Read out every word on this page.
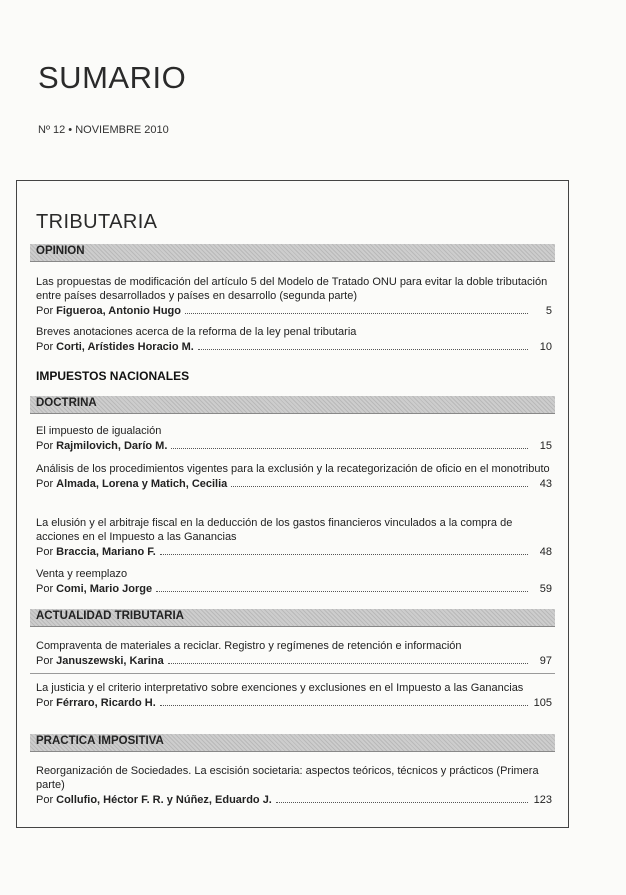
SUMARIO
Nº 12 • NOVIEMBRE 2010
TRIBUTARIA
OPINION
Las propuestas de modificación del artículo 5 del Modelo de Tratado ONU para evitar la doble tributación entre países desarrollados y países en desarrollo (segunda parte)
Por Figueroa, Antonio Hugo	5
Breves anotaciones acerca de la reforma de la ley penal tributaria
Por Corti, Arístides Horacio M.	10
IMPUESTOS NACIONALES
DOCTRINA
El impuesto de igualación
Por Rajmilovich, Darío M.	15
Análisis de los procedimientos vigentes para la exclusión y la recategorización de oficio en el monotributo
Por Almada, Lorena y Matich, Cecilia	43
La elusión y el arbitraje fiscal en la deducción de los gastos financieros vinculados a la compra de acciones en el Impuesto a las Ganancias
Por Braccia, Mariano F.	48
Venta y reemplazo
Por Comi, Mario Jorge	59
ACTUALIDAD TRIBUTARIA
Compraventa de materiales a reciclar. Registro y regímenes de retención e información
Por Januszewski, Karina	97
La justicia y el criterio interpretativo sobre exenciones y exclusiones en el Impuesto a las Ganancias
Por Férraro, Ricardo H.	105
PRACTICA IMPOSITIVA
Reorganización de Sociedades. La escisión societaria: aspectos teóricos, técnicos y prácticos (Primera parte)
Por Collufio, Héctor F. R. y Núñez, Eduardo J.	123
